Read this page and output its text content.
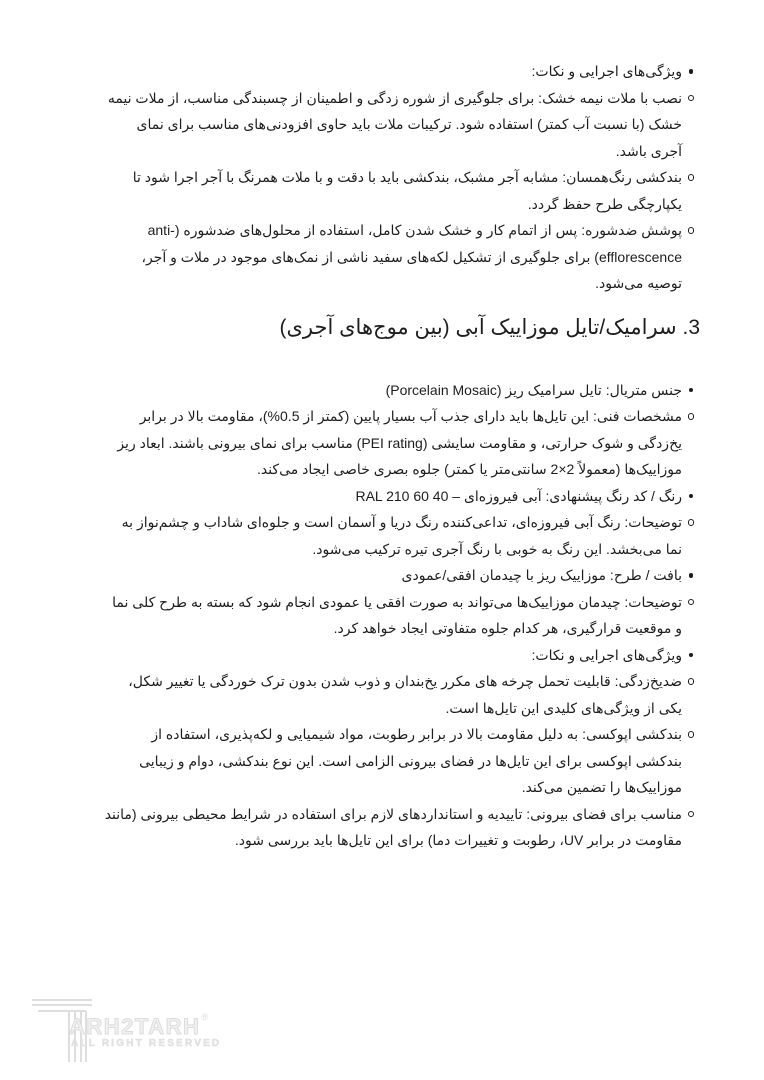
ویژگی‌های اجرایی و نکات:
نصب با ملات نیمه خشک: برای جلوگیری از شوره زدگی و اطمینان از چسبندگی مناسب، از ملات نیمه خشک (با نسبت آب کمتر) استفاده شود. ترکیبات ملات باید حاوی افزودنی‌های مناسب برای نمای آجری باشد.
بندکشی رنگ‌همسان: مشابه آجر مشبک، بندکشی باید با دقت و با ملات همرنگ با آجر اجرا شود تا یکپارچگی طرح حفظ گردد.
پوشش ضدشوره: پس از اتمام کار و خشک شدن کامل، استفاده از محلول‌های ضدشوره (anti-efflorescence) برای جلوگیری از تشکیل لکه‌های سفید ناشی از نمک‌های موجود در ملات و آجر، توصیه می‌شود.
3. سرامیک/تایل موزاییک آبی (بین موج‌های آجری)
جنس متریال: تایل سرامیک ریز (Porcelain Mosaic)
مشخصات فنی: این تایل‌ها باید دارای جذب آب بسیار پایین (کمتر از 0.5%)، مقاومت بالا در برابر یخ‌زدگی و شوک حرارتی، و مقاومت سایشی (PEI rating) مناسب برای نمای بیرونی باشند. ابعاد ریز موزاییک‌ها (معمولاً 2×2 سانتی‌متر یا کمتر) جلوه بصری خاصی ایجاد می‌کند.
رنگ / کد رنگ پیشنهادی: آبی فیروزه‌ای – RAL 210 60 40
توضیحات: رنگ آبی فیروزه‌ای، تداعی‌کننده رنگ دریا و آسمان است و جلوه‌ای شاداب و چشم‌نواز به نما می‌بخشد. این رنگ به خوبی با رنگ آجری تیره ترکیب می‌شود.
بافت / طرح: موزاییک ریز با چیدمان افقی/عمودی
توضیحات: چیدمان موزاییک‌ها می‌تواند به صورت افقی یا عمودی انجام شود که بسته به طرح کلی نما و موقعیت قرارگیری، هر کدام جلوه متفاوتی ایجاد خواهد کرد.
ویژگی‌های اجرایی و نکات:
ضدیخ‌زدگی: قابلیت تحمل چرخه های مکرر یخ‌بندان و ذوب شدن بدون ترک خوردگی یا تغییر شکل، یکی از ویژگی‌های کلیدی این تایل‌ها است.
بندکشی اپوکسی: به دلیل مقاومت بالا در برابر رطوبت، مواد شیمیایی و لکه‌پذیری، استفاده از بندکشی اپوکسی برای این تایل‌ها در فضای بیرونی الزامی است. این نوع بندکشی، دوام و زیبایی موزاییک‌ها را تضمین می‌کند.
مناسب برای فضای بیرونی: تاییدیه و استانداردهای لازم برای استفاده در شرایط محیطی بیرونی (مانند مقاومت در برابر UV، رطوبت و تغییرات دما) برای این تایل‌ها باید بررسی شود.
ARH2TARH®
ALL RIGHT RESERVED
